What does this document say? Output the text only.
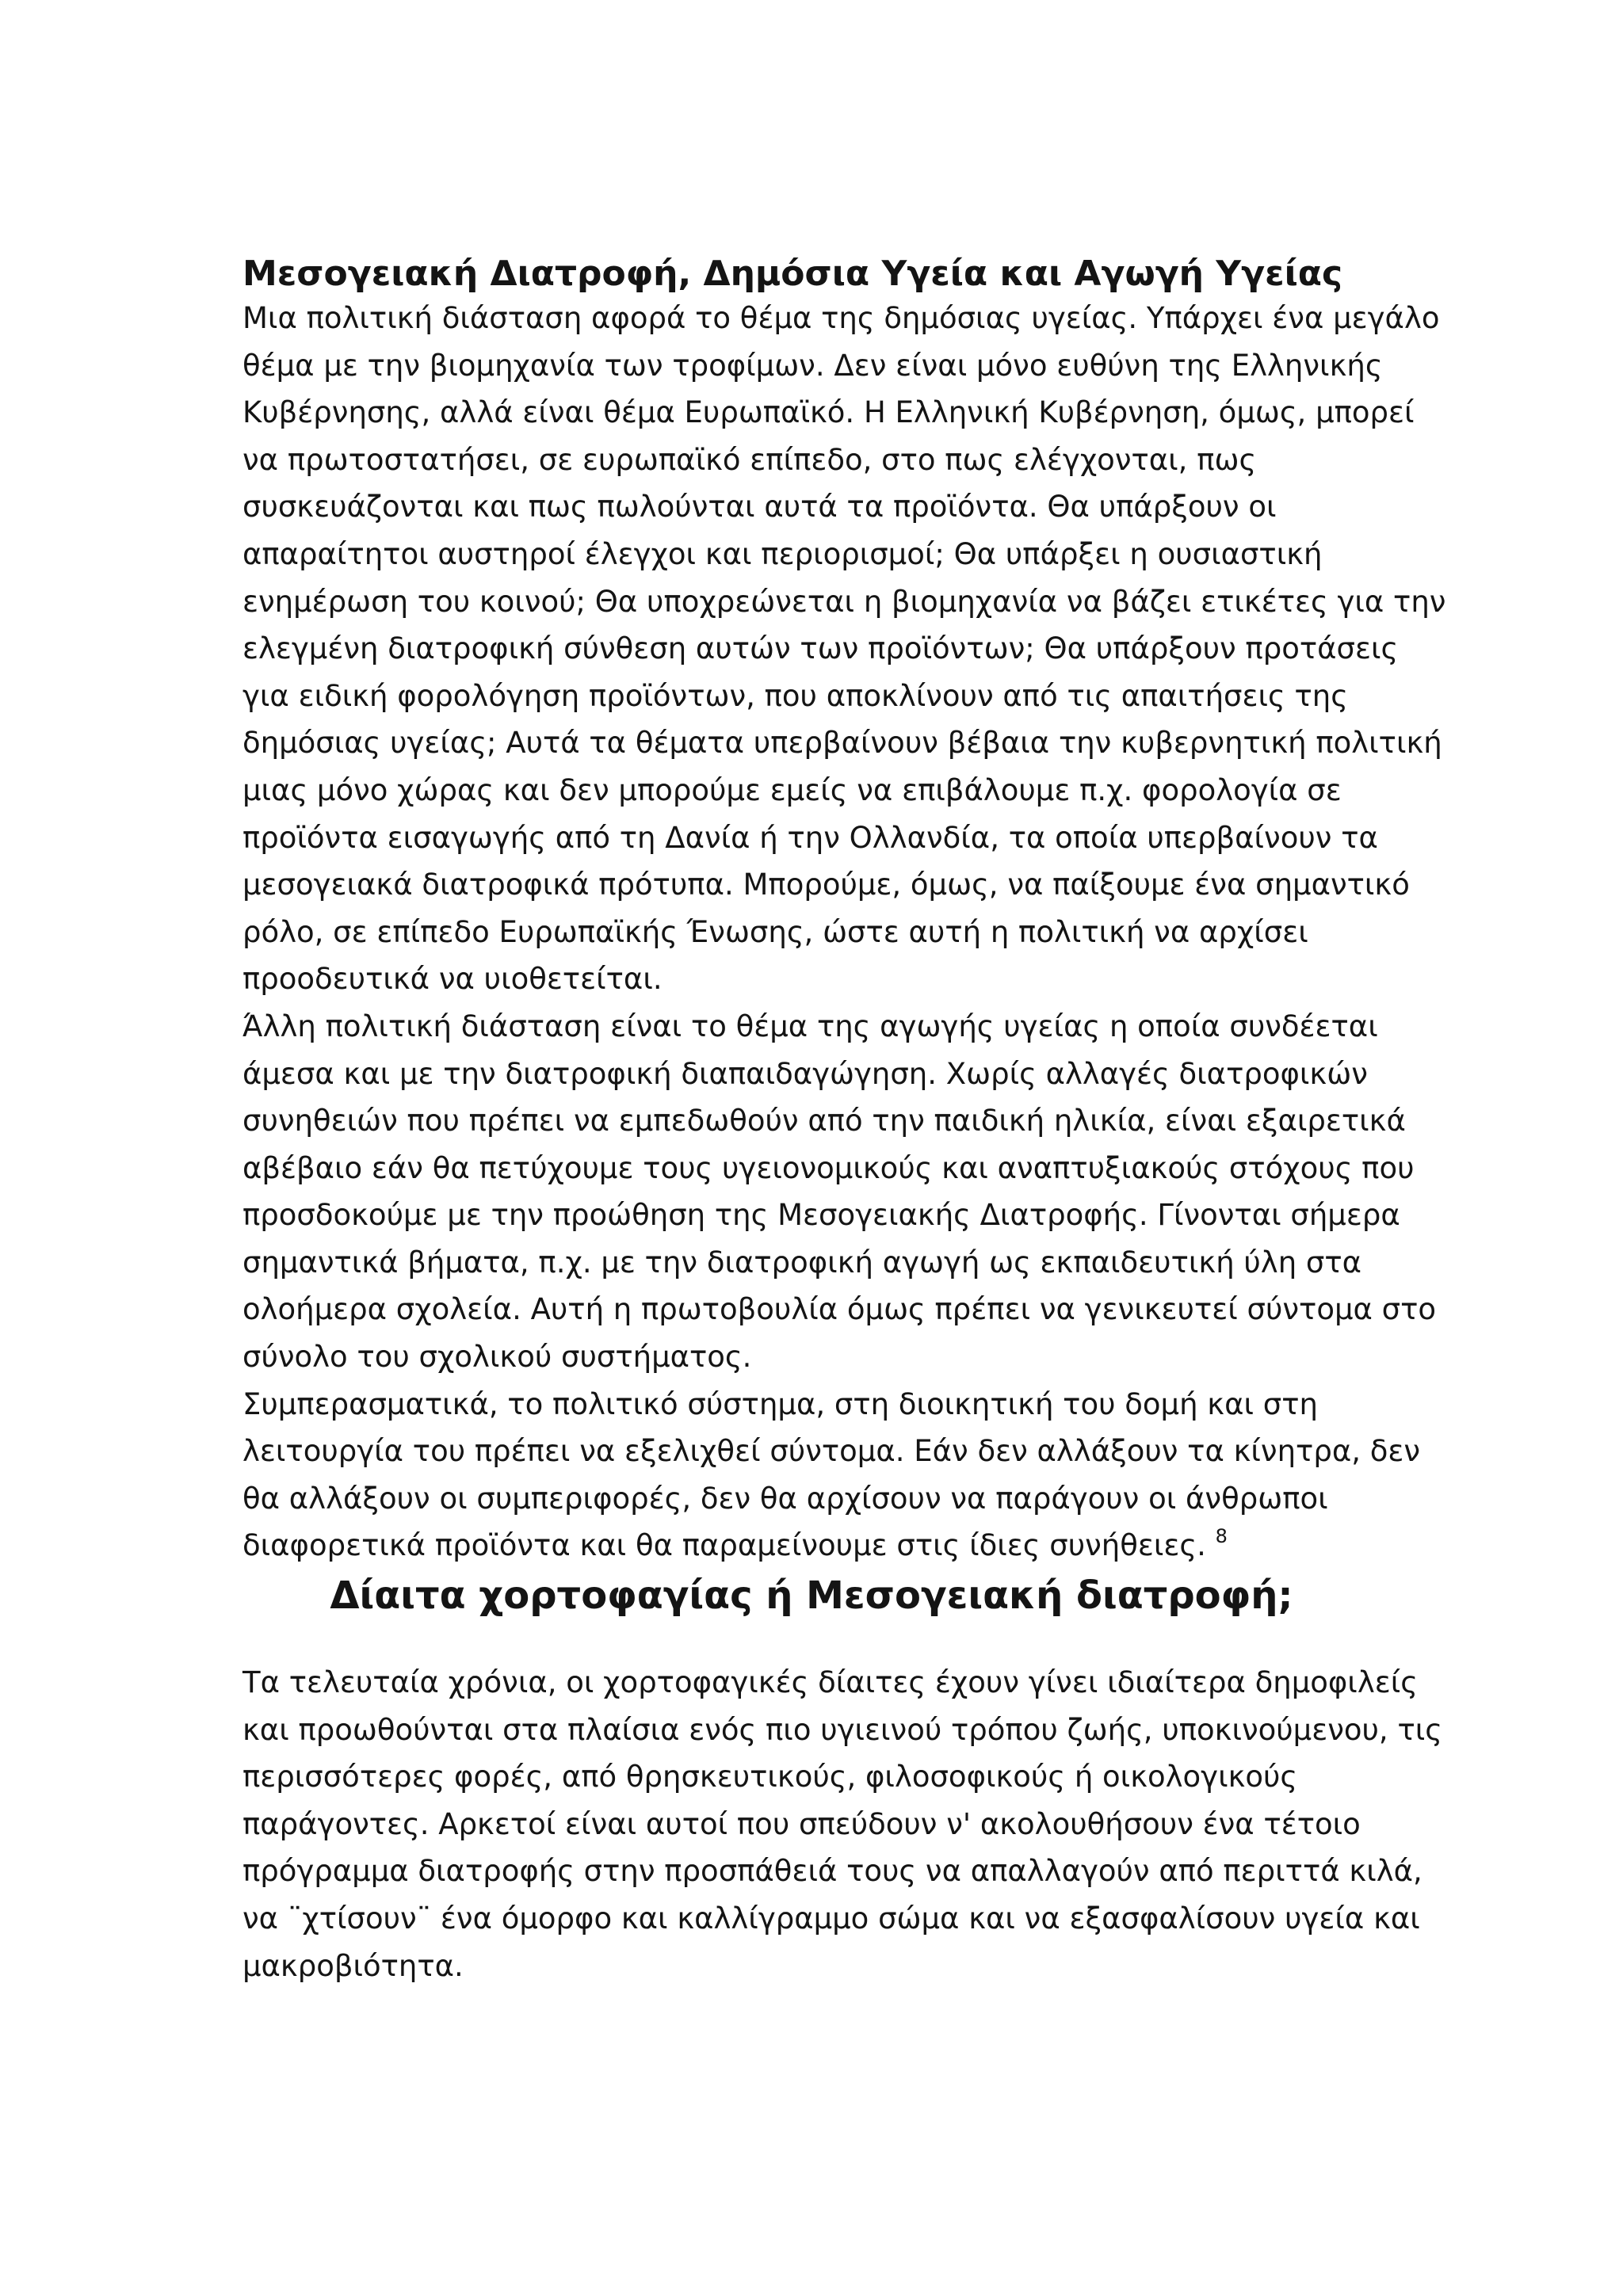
Μεσογειακή Διατροφή, Δημόσια Υγεία και Αγωγή Υγείας
Μια πολιτική διάσταση αφορά το θέμα της δημόσιας υγείας. Υπάρχει ένα μεγάλο
θέμα με την βιομηχανία των τροφίμων. Δεν είναι μόνο ευθύνη της Ελληνικής
Κυβέρνησης, αλλά είναι θέμα Ευρωπαϊκό. Η Ελληνική Κυβέρνηση, όμως, μπορεί
να πρωτοστατήσει, σε ευρωπαϊκό επίπεδο, στο πως ελέγχονται, πως
συσκευάζονται και πως πωλούνται αυτά τα προϊόντα. Θα υπάρξουν οι
απαραίτητοι αυστηροί έλεγχοι και περιορισμοί; Θα υπάρξει η ουσιαστική
ενημέρωση του κοινού; Θα υποχρεώνεται η βιομηχανία να βάζει ετικέτες για την
ελεγμένη διατροφική σύνθεση αυτών των προϊόντων; Θα υπάρξουν προτάσεις
για ειδική φορολόγηση προϊόντων, που αποκλίνουν από τις απαιτήσεις της
δημόσιας υγείας; Αυτά τα θέματα υπερβαίνουν βέβαια την κυβερνητική πολιτική
μιας μόνο χώρας και δεν μπορούμε εμείς να επιβάλουμε π.χ. φορολογία σε
προϊόντα εισαγωγής από τη Δανία ή την Ολλανδία, τα οποία υπερβαίνουν τα
μεσογειακά διατροφικά πρότυπα. Μπορούμε, όμως, να παίξουμε ένα σημαντικό
ρόλο, σε επίπεδο Ευρωπαϊκής Ένωσης, ώστε αυτή η πολιτική να αρχίσει
προοδευτικά να υιοθετείται.
Άλλη πολιτική διάσταση είναι το θέμα της αγωγής υγείας η οποία συνδέεται
άμεσα και με την διατροφική διαπαιδαγώγηση. Χωρίς αλλαγές διατροφικών
συνηθειών που πρέπει να εμπεδωθούν από την παιδική ηλικία, είναι εξαιρετικά
αβέβαιο εάν θα πετύχουμε τους υγειονομικούς και αναπτυξιακούς στόχους που
προσδοκούμε με την προώθηση της Μεσογειακής Διατροφής. Γίνονται σήμερα
σημαντικά βήματα, π.χ. με την διατροφική αγωγή ως εκπαιδευτική ύλη στα
ολοήμερα σχολεία. Αυτή η πρωτοβουλία όμως πρέπει να γενικευτεί σύντομα στο
σύνολο του σχολικού συστήματος.
Συμπερασματικά, το πολιτικό σύστημα, στη διοικητική του δομή και στη
λειτουργία του πρέπει να εξελιχθεί σύντομα. Εάν δεν αλλάξουν τα κίνητρα, δεν
θα αλλάξουν οι συμπεριφορές, δεν θα αρχίσουν να παράγουν οι άνθρωποι
διαφορετικά προϊόντα και θα παραμείνουμε στις ίδιες συνήθειες. $^8$
Δίαιτα χορτοφαγίας ή Μεσογειακή διατροφή;
Τα τελευταία χρόνια, οι χορτοφαγικές δίαιτες έχουν γίνει ιδιαίτερα δημοφιλείς
και προωθούνται στα πλαίσια ενός πιο υγιεινού τρόπου ζωής, υποκινούμενου, τις
περισσότερες φορές, από θρησκευτικούς, φιλοσοφικούς ή οικολογικούς
παράγοντες. Αρκετοί είναι αυτοί που σπεύδουν ν' ακολουθήσουν ένα τέτοιο
πρόγραμμα διατροφής στην προσπάθειά τους να απαλλαγούν από περιττά κιλά,
να ¨χτίσουν¨ ένα όμορφο και καλλίγραμμο σώμα και να εξασφαλίσουν υγεία και
μακροβιότητα.
